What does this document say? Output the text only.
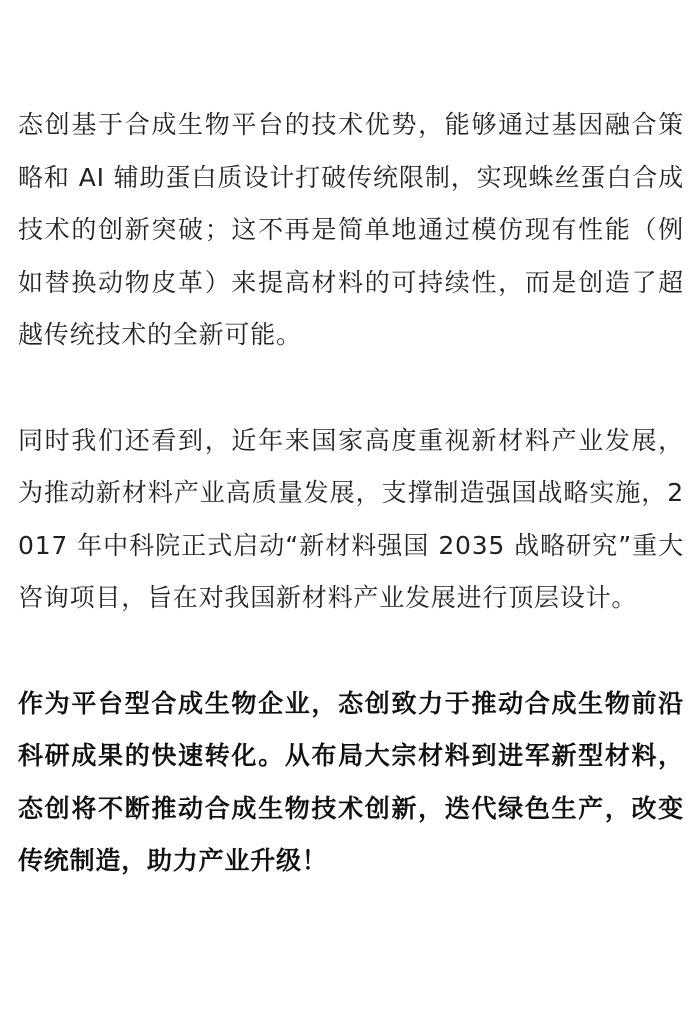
态创基于合成生物平台的技术优势，能够通过基因融合策略和 AI 辅助蛋白质设计打破传统限制，实现蛛丝蛋白合成技术的创新突破；这不再是简单地通过模仿现有性能（例如替换动物皮革）来提高材料的可持续性，而是创造了超越传统技术的全新可能。

同时我们还看到，近年来国家高度重视新材料产业发展，为推动新材料产业高质量发展，支撑制造强国战略实施，2017 年中科院正式启动“新材料强国 2035 战略研究”重大咨询项目，旨在对我国新材料产业发展进行顶层设计。

作为平台型合成生物企业，态创致力于推动合成生物前沿科研成果的快速转化。从布局大宗材料到进军新型材料，态创将不断推动合成生物技术创新，迭代绿色生产，改变传统制造，助力产业升级！
